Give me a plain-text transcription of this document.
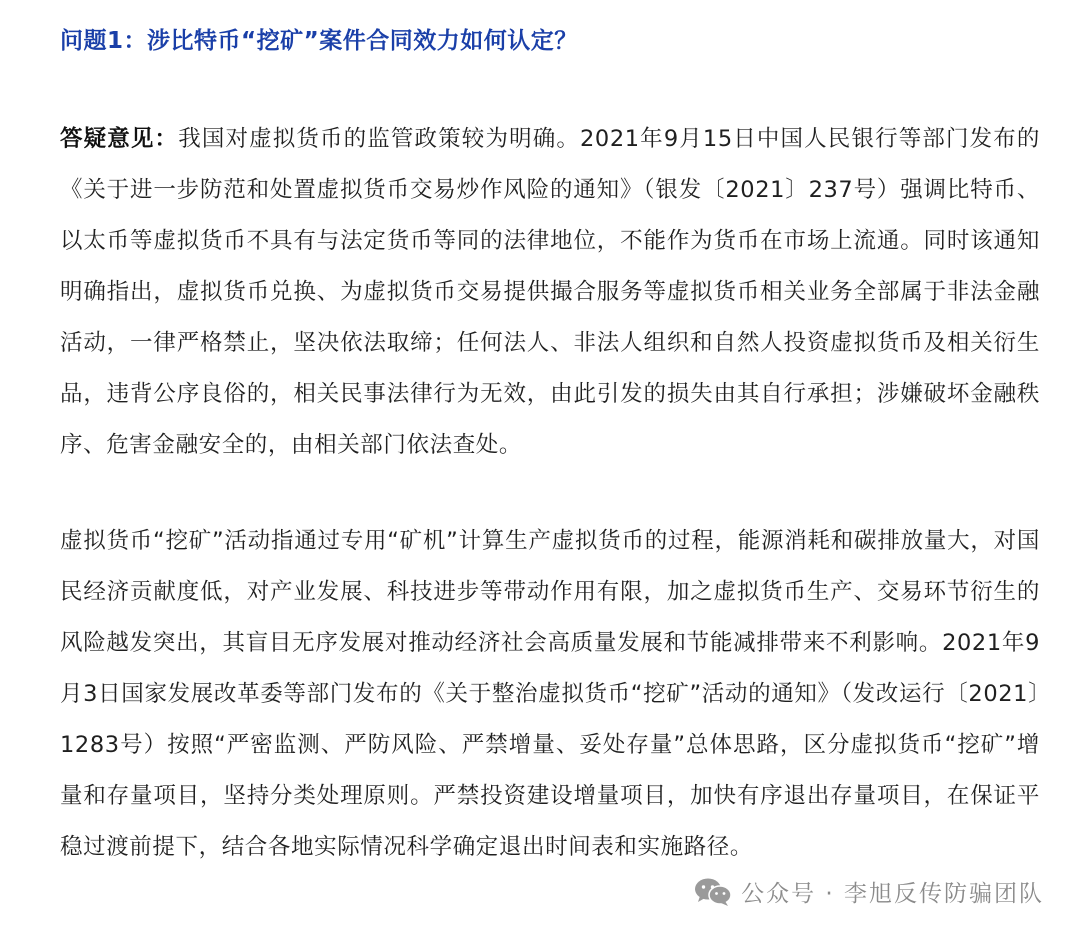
问题1：涉比特币“挖矿”案件合同效力如何认定？
答疑意见：我国对虚拟货币的监管政策较为明确。2021年9月15日中国人民银行等部门发布的《关于进一步防范和处置虚拟货币交易炒作风险的通知》（银发〔2021〕237号）强调比特币、以太币等虚拟货币不具有与法定货币等同的法律地位，不能作为货币在市场上流通。同时该通知明确指出，虚拟货币兑换、为虚拟货币交易提供撮合服务等虚拟货币相关业务全部属于非法金融活动，一律严格禁止，坚决依法取缔；任何法人、非法人组织和自然人投资虚拟货币及相关衍生品，违背公序良俗的，相关民事法律行为无效，由此引发的损失由其自行承担；涉嫌破坏金融秩序、危害金融安全的，由相关部门依法查处。
虚拟货币“挖矿”活动指通过专用“矿机”计算生产虚拟货币的过程，能源消耗和碳排放量大，对国民经济贡献度低，对产业发展、科技进步等带动作用有限，加之虚拟货币生产、交易环节衍生的风险越发突出，其盲目无序发展对推动经济社会高质量发展和节能减排带来不利影响。2021年9月3日国家发展改革委等部门发布的《关于整治虚拟货币“挖矿”活动的通知》（发改运行〔2021〕1283号）按照“严密监测、严防风险、严禁增量、妥处存量”总体思路，区分虚拟货币“挖矿”增量和存量项目，坚持分类处理原则。严禁投资建设增量项目，加快有序退出存量项目，在保证平稳过渡前提下，结合各地实际情况科学确定退出时间表和实施路径。
公众号 · 李旭反传防骗团队
